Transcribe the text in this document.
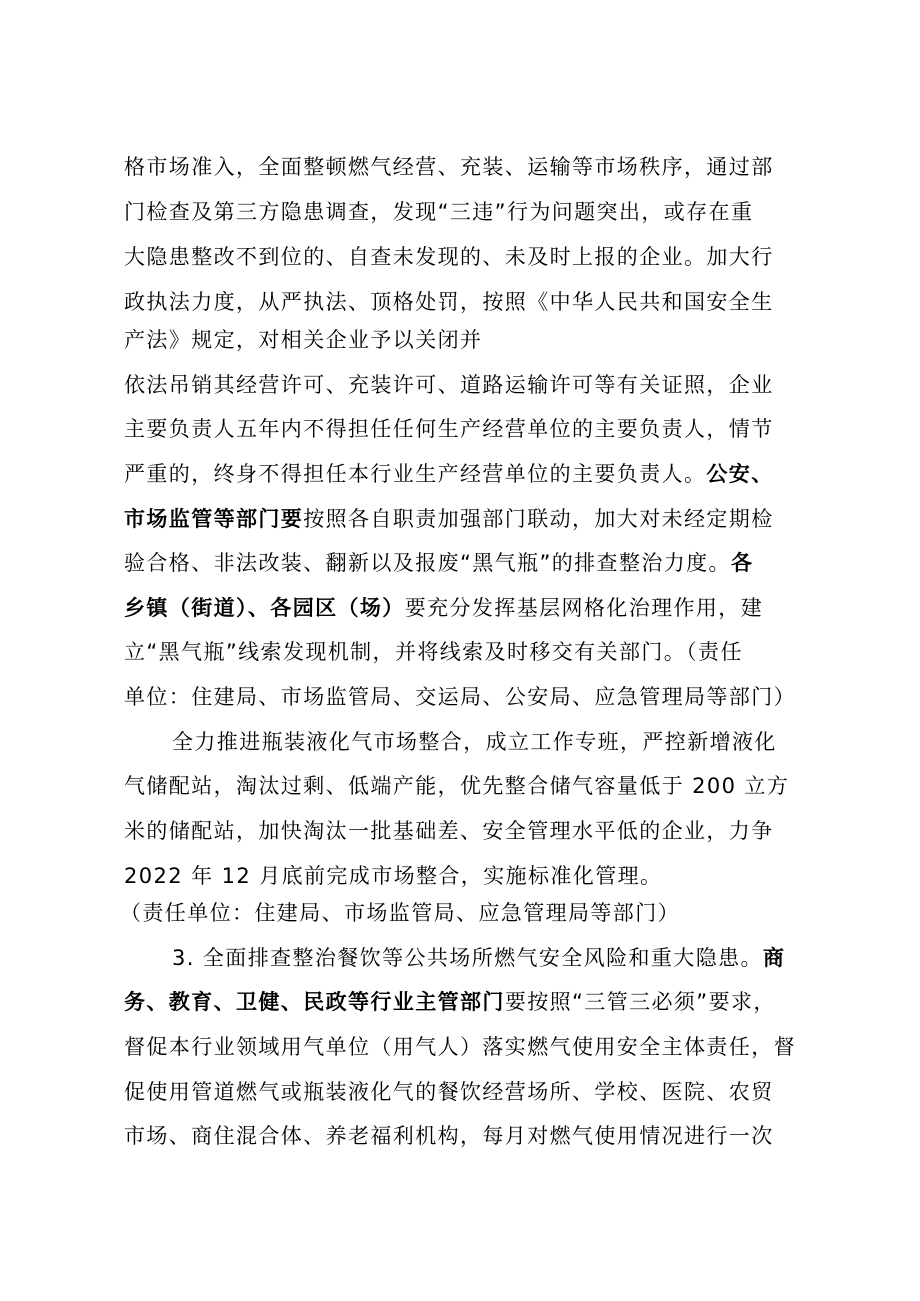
格市场准入，全面整顿燃气经营、充装、运输等市场秩序，通过部
门检查及第三方隐患调查，发现“三违”行为问题突出，或存在重
大隐患整改不到位的、自查未发现的、未及时上报的企业。加大行
政执法力度，从严执法、顶格处罚，按照《中华人民共和国安全生
产法》规定，对相关企业予以关闭并
依法吊销其经营许可、充装许可、道路运输许可等有关证照，企业
主要负责人五年内不得担任任何生产经营单位的主要负责人，情节
严重的，终身不得担任本行业生产经营单位的主要负责人。公安、
市场监管等部门要按照各自职责加强部门联动，加大对未经定期检
验合格、非法改装、翻新以及报废“黑气瓶”的排查整治力度。各
乡镇（街道）、各园区（场）要充分发挥基层网格化治理作用，建
立“黑气瓶”线索发现机制，并将线索及时移交有关部门。（责任
单位：住建局、市场监管局、交运局、公安局、应急管理局等部门）
全力推进瓶装液化气市场整合，成立工作专班，严控新增液化
气储配站，淘汰过剩、低端产能，优先整合储气容量低于 200 立方
米的储配站，加快淘汰一批基础差、安全管理水平低的企业，力争
2022 年 12 月底前完成市场整合，实施标准化管理。
（责任单位：住建局、市场监管局、应急管理局等部门）
3. 全面排查整治餐饮等公共场所燃气安全风险和重大隐患。商
务、教育、卫健、民政等行业主管部门要按照“三管三必须”要求，
督促本行业领域用气单位（用气人）落实燃气使用安全主体责任，督
促使用管道燃气或瓶装液化气的餐饮经营场所、学校、医院、农贸
市场、商住混合体、养老福利机构，每月对燃气使用情况进行一次
